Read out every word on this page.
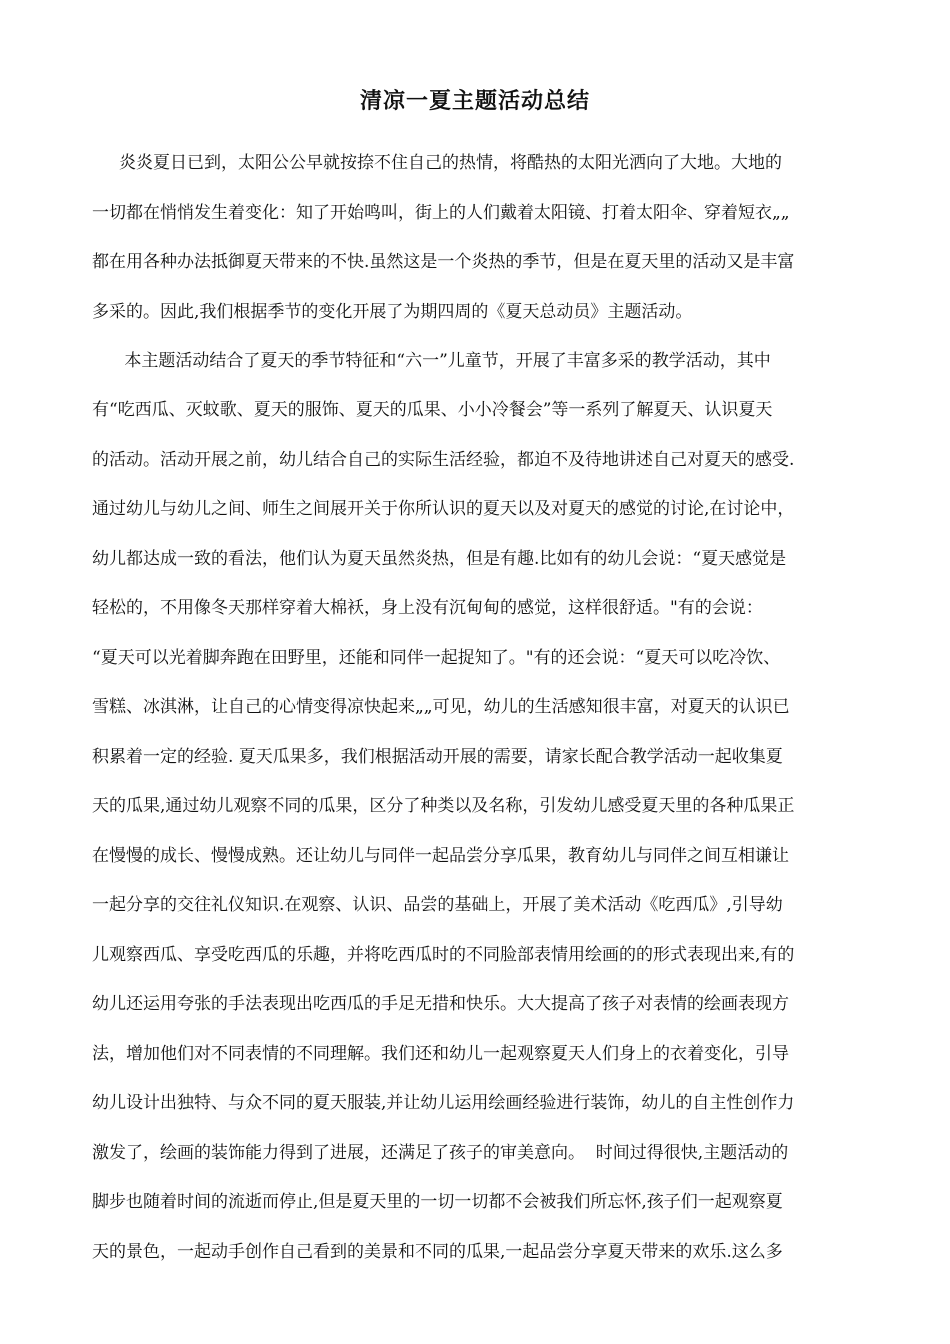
清凉一夏主题活动总结
炎炎夏日已到，太阳公公早就按捺不住自己的热情，将酷热的太阳光洒向了大地。大地的
一切都在悄悄发生着变化：知了开始鸣叫，街上的人们戴着太阳镜、打着太阳伞、穿着短衣„„
都在用各种办法抵御夏天带来的不快.虽然这是一个炎热的季节，但是在夏天里的活动又是丰富
多采的。因此,我们根据季节的变化开展了为期四周的《夏天总动员》主题活动。
本主题活动结合了夏天的季节特征和“六一”儿童节，开展了丰富多采的教学活动，其中
有“吃西瓜、灭蚊歌、夏天的服饰、夏天的瓜果、小小冷餐会”等一系列了解夏天、认识夏天
的活动。活动开展之前，幼儿结合自己的实际生活经验，都迫不及待地讲述自己对夏天的感受.
通过幼儿与幼儿之间、师生之间展开关于你所认识的夏天以及对夏天的感觉的讨论,在讨论中，
幼儿都达成一致的看法，他们认为夏天虽然炎热，但是有趣.比如有的幼儿会说：“夏天感觉是
轻松的，不用像冬天那样穿着大棉袄，身上没有沉甸甸的感觉，这样很舒适。"有的会说：
“夏天可以光着脚奔跑在田野里，还能和同伴一起捉知了。"有的还会说：“夏天可以吃冷饮、
雪糕、冰淇淋，让自己的心情变得凉快起来„„可见，幼儿的生活感知很丰富，对夏天的认识已
积累着一定的经验. 夏天瓜果多，我们根据活动开展的需要，请家长配合教学活动一起收集夏
天的瓜果,通过幼儿观察不同的瓜果，区分了种类以及名称，引发幼儿感受夏天里的各种瓜果正
在慢慢的成长、慢慢成熟。还让幼儿与同伴一起品尝分享瓜果，教育幼儿与同伴之间互相谦让
一起分享的交往礼仪知识.在观察、认识、品尝的基础上，开展了美术活动《吃西瓜》,引导幼
儿观察西瓜、享受吃西瓜的乐趣，并将吃西瓜时的不同脸部表情用绘画的的形式表现出来,有的
幼儿还运用夸张的手法表现出吃西瓜的手足无措和快乐。大大提高了孩子对表情的绘画表现方
法，增加他们对不同表情的不同理解。我们还和幼儿一起观察夏天人们身上的衣着变化，引导
幼儿设计出独特、与众不同的夏天服装,并让幼儿运用绘画经验进行装饰，幼儿的自主性创作力
激发了，绘画的装饰能力得到了进展，还满足了孩子的审美意向。  时间过得很快,主题活动的
脚步也随着时间的流逝而停止,但是夏天里的一切一切都不会被我们所忘怀,孩子们一起观察夏
天的景色，一起动手创作自己看到的美景和不同的瓜果,一起品尝分享夏天带来的欢乐.这么多
